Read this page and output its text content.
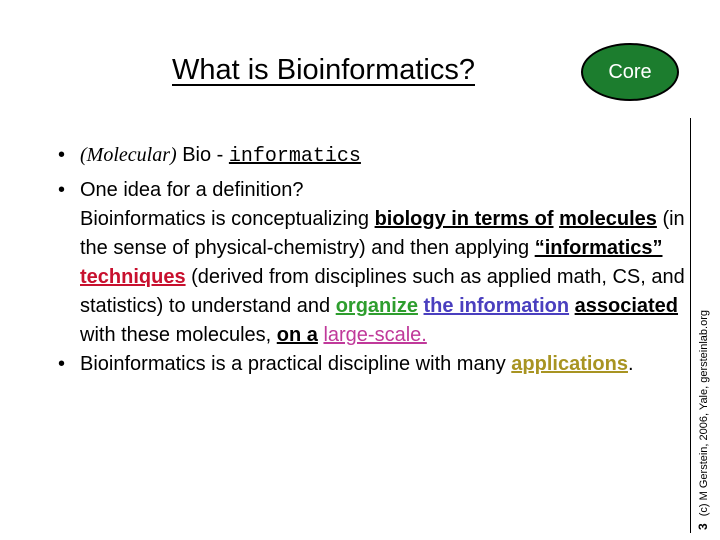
What is Bioinformatics?	Core
3 (c) M Gerstein, 2006, Yale, gersteinlab.org
• (Molecular) Bio - informatics
• One idea for a definition?
Bioinformatics is conceptualizing biology in terms of molecules (in the sense of physical-chemistry) and then applying “informatics” techniques (derived from disciplines such as applied math, CS, and statistics) to understand and organize the information associated with these molecules, on a large-scale.
• Bioinformatics is a practical discipline with many applications.
